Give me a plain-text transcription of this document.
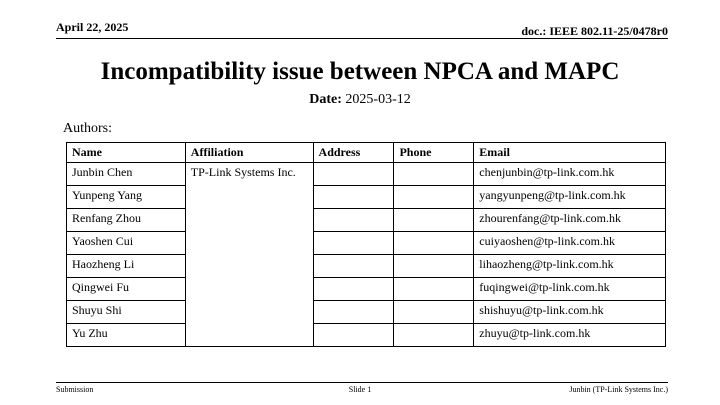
April 22, 2025	doc.: IEEE 802.11-25/0478r0
Incompatibility issue between NPCA and MAPC
Date: 2025-03-12
Authors:
Name	Affiliation	Address	Phone	Email
Junbin Chen	TP-Link Systems Inc.			chenjunbin@tp-link.com.hk
Yunpeng Yang				yangyunpeng@tp-link.com.hk
Renfang Zhou				zhourenfang@tp-link.com.hk
Yaoshen Cui				cuiyaoshen@tp-link.com.hk
Haozheng Li				lihaozheng@tp-link.com.hk
Qingwei Fu				fuqingwei@tp-link.com.hk
Shuyu Shi				shishuyu@tp-link.com.hk
Yu Zhu				zhuyu@tp-link.com.hk
Submission	Slide 1	Junbin (TP-Link Systems Inc.)
